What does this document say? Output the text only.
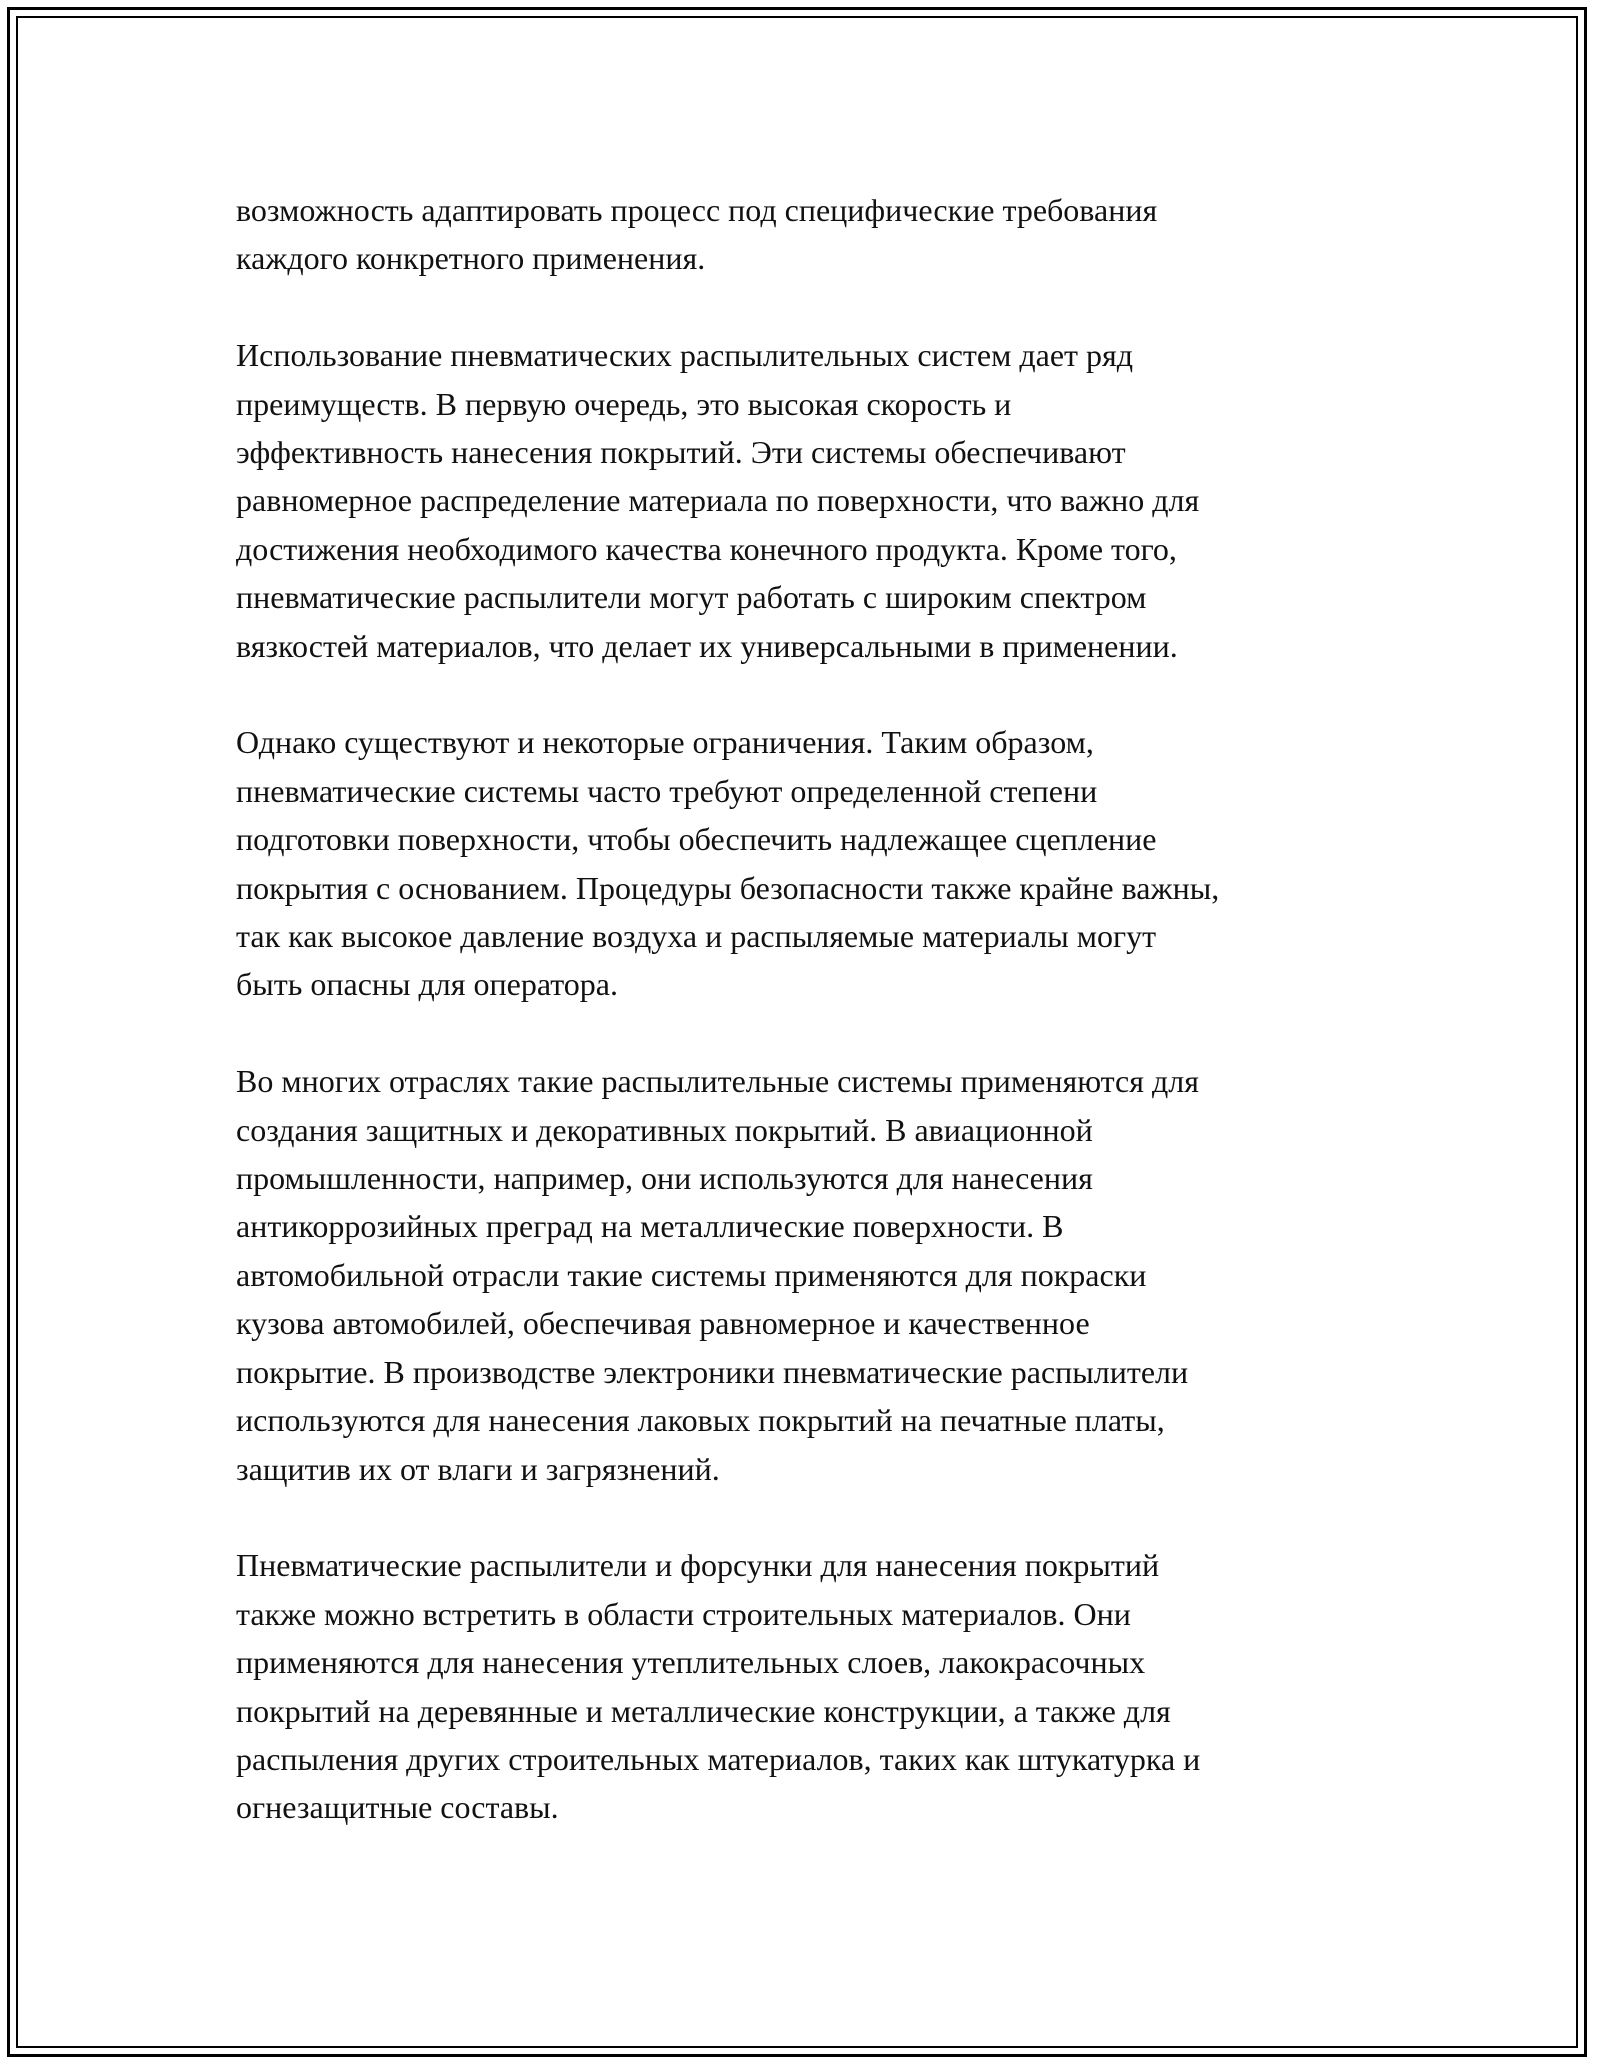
возможность адаптировать процесс под специфические требования
каждого конкретного применения.

Использование пневматических распылительных систем дает ряд
преимуществ. В первую очередь, это высокая скорость и
эффективность нанесения покрытий. Эти системы обеспечивают
равномерное распределение материала по поверхности, что важно для
достижения необходимого качества конечного продукта. Кроме того,
пневматические распылители могут работать с широким спектром
вязкостей материалов, что делает их универсальными в применении.

Однако существуют и некоторые ограничения. Таким образом,
пневматические системы часто требуют определенной степени
подготовки поверхности, чтобы обеспечить надлежащее сцепление
покрытия с основанием. Процедуры безопасности также крайне важны,
так как высокое давление воздуха и распыляемые материалы могут
быть опасны для оператора.

Во многих отраслях такие распылительные системы применяются для
создания защитных и декоративных покрытий. В авиационной
промышленности, например, они используются для нанесения
антикоррозийных преград на металлические поверхности. В
автомобильной отрасли такие системы применяются для покраски
кузова автомобилей, обеспечивая равномерное и качественное
покрытие. В производстве электроники пневматические распылители
используются для нанесения лаковых покрытий на печатные платы,
защитив их от влаги и загрязнений.

Пневматические распылители и форсунки для нанесения покрытий
также можно встретить в области строительных материалов. Они
применяются для нанесения утеплительных слоев, лакокрасочных
покрытий на деревянные и металлические конструкции, а также для
распыления других строительных материалов, таких как штукатурка и
огнезащитные составы.
